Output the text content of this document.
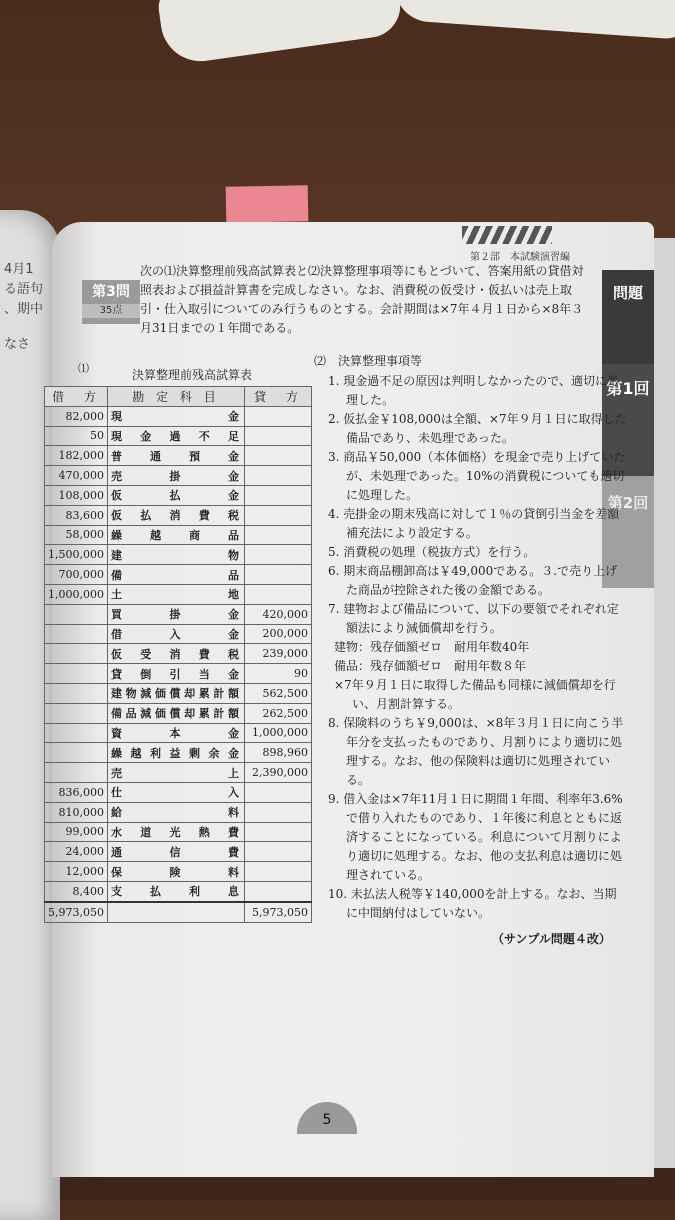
4月1
る語句
、期中
なさ
第２部　本試験演習編
問題
第1回
第2回
第3問
35点
次の⑴決算整理前残高試算表と⑵決算整理事項等にもとづいて、答案用紙の貸借対照表および損益計算書を完成しなさい。なお、消費税の仮受け・仮払いは売上取引・仕入取引についてのみ行うものとする。会計期間は×7年４月１日から×8年３月31日までの１年間である。
⑴	決算整理前残高試算表
借　方	勘 定 科 目	貸　方
82,000	現金	
50	現金過不足	
182,000	普通預金	
470,000	売掛金	
108,000	仮払金	
83,600	仮払消費税	
58,000	繰越商品	
1,500,000	建物	
700,000	備品	
1,000,000	土地	
	買掛金	420,000
	借入金	200,000
	仮受消費税	239,000
	貸倒引当金	90
	建物減価償却累計額	562,500
	備品減価償却累計額	262,500
	資本金	1,000,000
	繰越利益剰余金	898,960
	売上	2,390,000
836,000	仕入	
810,000	給料	
99,000	水道光熱費	
24,000	通信費	
12,000	保険料	
8,400	支払利息	
5,973,050		5,973,050
⑵　決算整理事項等

1. 現金過不足の原因は判明しなかったので、適切に処理した。

2. 仮払金￥108,000は全額、×7年９月１日に取得した備品であり、未処理であった。

3. 商品￥50,000（本体価格）を現金で売り上げていたが、未処理であった。10%の消費税についても適切に処理した。

4. 売掛金の期末残高に対して１％の貸倒引当金を差額補充法により設定する。

5. 消費税の処理（税抜方式）を行う。

6. 期末商品棚卸高は￥49,000である。３.で売り上げた商品が控除された後の金額である。

7. 建物および備品について、以下の要領でそれぞれ定額法により減価償却を行う。

建物：残存価額ゼロ　耐用年数40年

備品：残存価額ゼロ　耐用年数８年

×7年９月１日に取得した備品も同様に減価償却を行い、月割計算する。

8. 保険料のうち￥9,000は、×8年３月１日に向こう半年分を支払ったものであり、月割りにより適切に処理する。なお、他の保険料は適切に処理されている。

9. 借入金は×7年11月１日に期間１年間、利率年3.6%で借り入れたものであり、１年後に利息とともに返済することになっている。利息について月割りにより適切に処理する。なお、他の支払利息は適切に処理されている。

10. 未払法人税等￥140,000を計上する。なお、当期に中間納付はしていない。

（サンプル問題４改）
5
